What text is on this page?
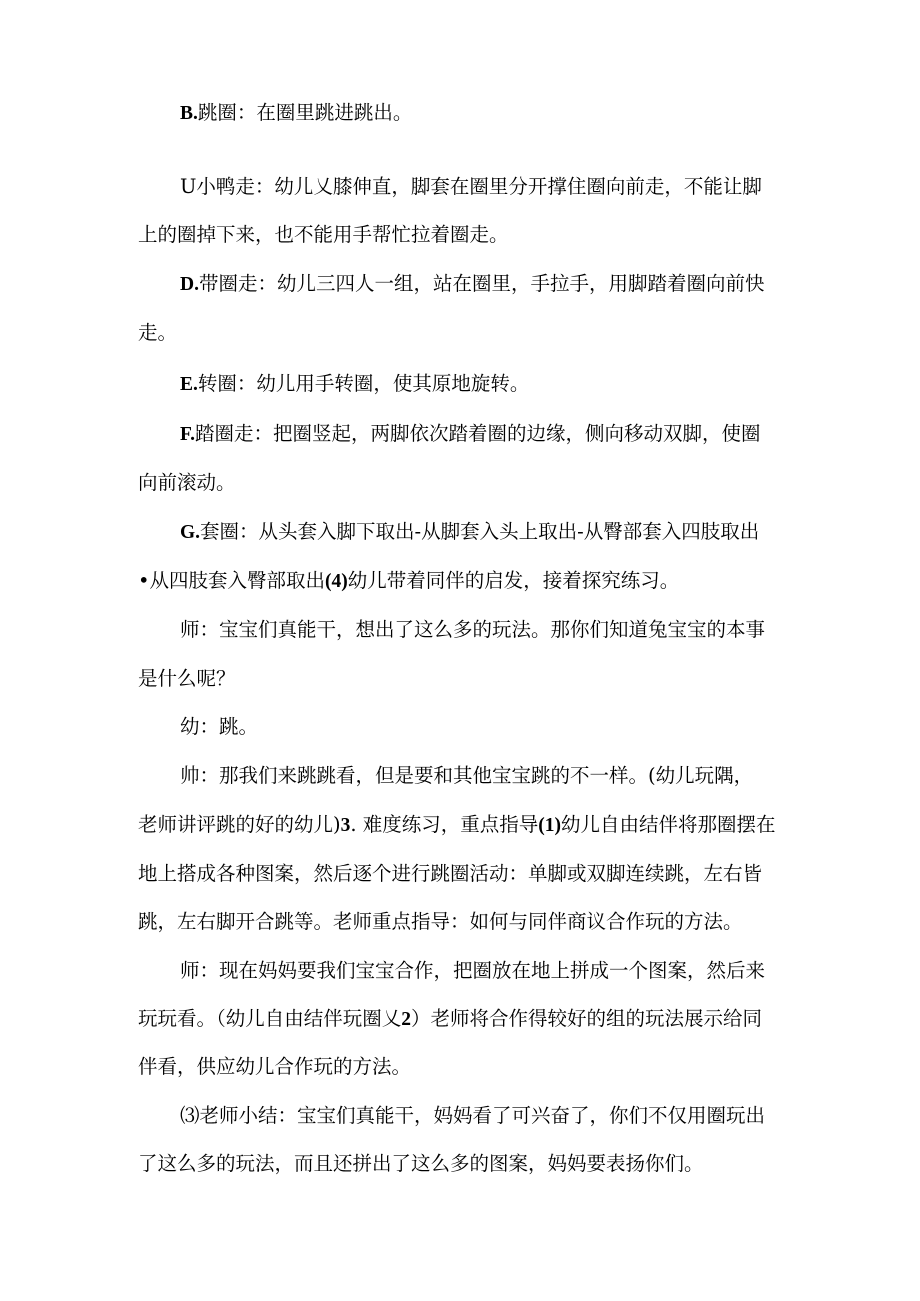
B.跳圈：在圈里跳进跳出。
U小鸭走：幼儿乂膝伸直，脚套在圈里分开撑住圈向前走，不能让脚
上的圈掉下来，也不能用手帮忙拉着圈走。
D.带圈走：幼儿三四人一组，站在圈里，手拉手，用脚踏着圈向前快
走。
E.转圈：幼儿用手转圈，使其原地旋转。
F.踏圈走：把圈竖起，两脚依次踏着圈的边缘，侧向移动双脚，使圈
向前滚动。
G.套圈：从头套入脚下取出-从脚套入头上取出-从臀部套入四肢取出
•从四肢套入臀部取出(4)幼儿带着同伴的启发，接着探究练习。
师：宝宝们真能干，想出了这么多的玩法。那你们知道兔宝宝的本事
是什么呢？
幼：跳。
帅：那我们来跳跳看，但是要和其他宝宝跳的不一样。(幼儿玩隅，
老师讲评跳的好的幼儿)3. 难度练习，重点指导(1)幼儿自由结伴将那圈摆在
地上搭成各种图案，然后逐个进行跳圈活动：单脚或双脚连续跳，左右皆
跳，左右脚开合跳等。老师重点指导：如何与同伴商议合作玩的方法。
师：现在妈妈要我们宝宝合作，把圈放在地上拼成一个图案，然后来
玩玩看。（幼儿自由结伴玩圈乂2）老师将合作得较好的组的玩法展示给同
伴看，供应幼儿合作玩的方法。
⑶老师小结：宝宝们真能干，妈妈看了可兴奋了，你们不仅用圈玩出
了这么多的玩法，而且还拼出了这么多的图案，妈妈要表扬你们。
